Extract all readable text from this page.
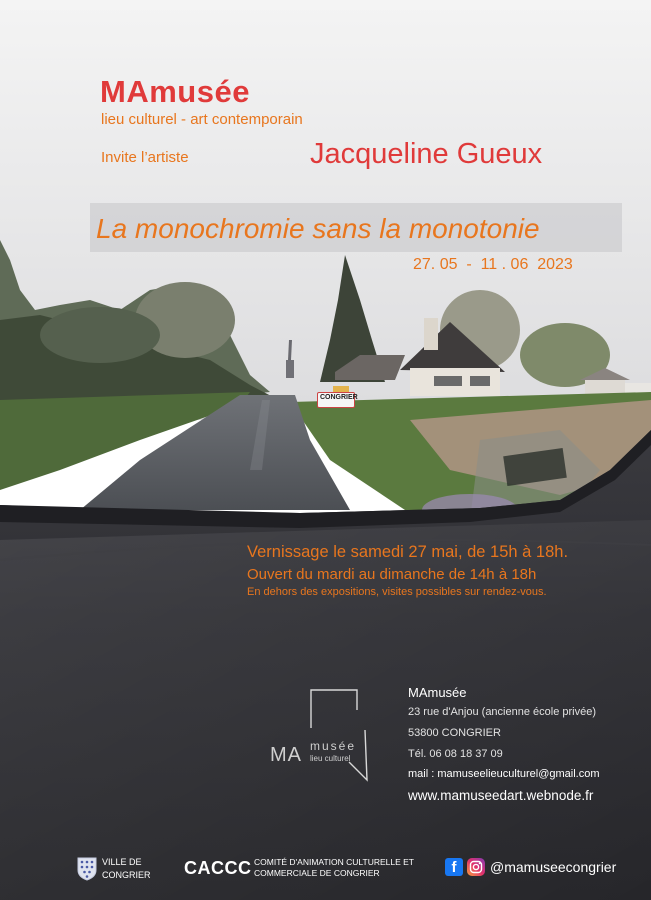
MAmusée
lieu culturel - art contemporain
Invite l’artiste	Jacqueline Gueux
La monochromie sans la monotonie
27. 05  -  11 . 06  2023
CONGRIER
Vernissage le samedi 27 mai, de 15h à 18h.
Ouvert du mardi au dimanche de 14h à 18h
En dehors des expositions, visites possibles sur rendez-vous.
MA musée
lieu culturel
MAmusée
23 rue d'Anjou (ancienne école privée)
53800 CONGRIER
Tél. 06 08 18 37 09
mail : mamuseelieuculturel@gmail.com
www.mamuseedart.webnode.fr
VILLE DE
CONGRIER CACCC COMITÉ D'ANIMATION CULTURELLE ET
COMMERCIALE DE CONGRIER	f	@mamuseecongrier
